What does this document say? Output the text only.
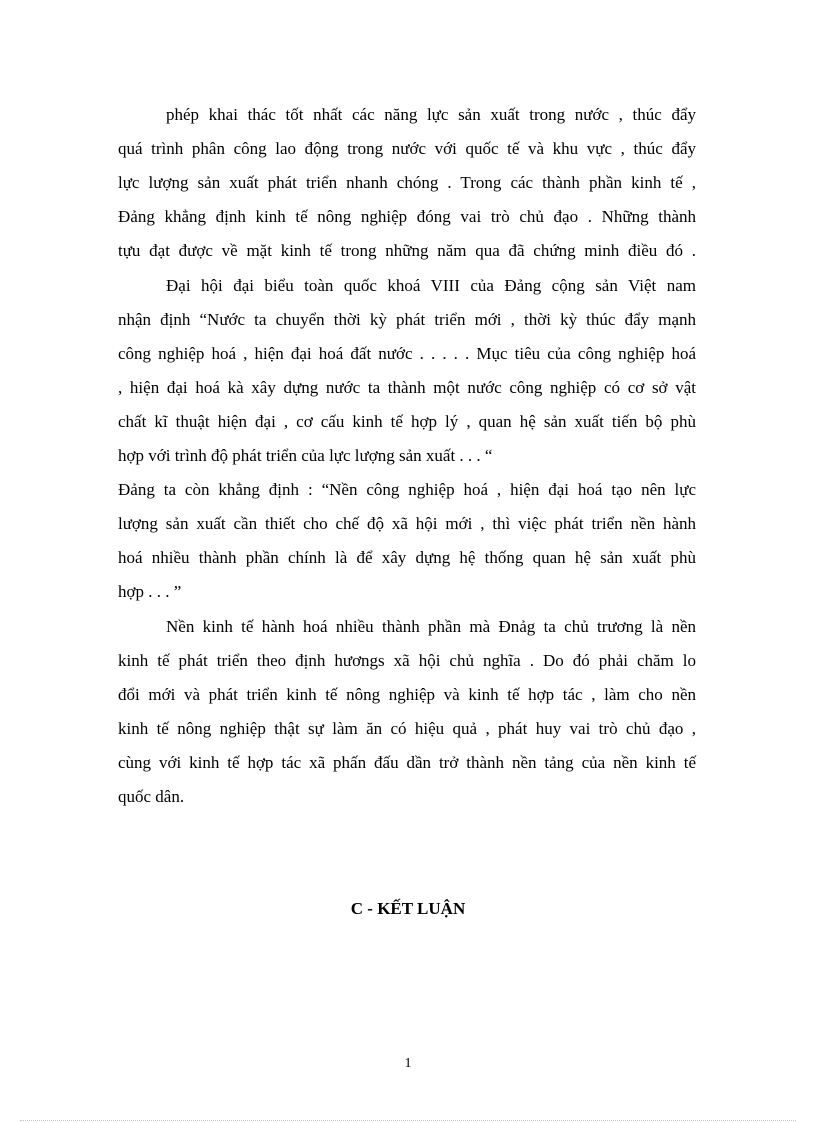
phép khai thác tốt nhất các năng lực sản xuất trong nước , thúc đẩy

quá trình phân công lao động trong nước với quốc tế và khu vực , thúc đẩy

lực lượng sản xuất phát triển nhanh chóng . Trong các thành phần kinh tế ,

Đảng khẳng định kinh tế nông nghiệp đóng vai trò chủ đạo . Những thành

tựu đạt được về mặt kinh tế trong những năm qua đã chứng minh điều đó .

Đại hội đại biểu toàn quốc khoá VIII của Đảng cộng sản Việt nam

nhận định “Nước ta chuyển thời kỳ phát triển mới , thời kỳ thúc đẩy mạnh

công nghiệp hoá , hiện đại hoá đất nước . . . . . Mục tiêu của công nghiệp hoá

, hiện đại hoá kà xây dựng nước ta thành một nước công nghiệp có cơ sở vật

chất kĩ thuật hiện đại , cơ cấu kinh tế hợp lý , quan hệ sản xuất tiến bộ phù

hợp với trình độ phát triển của lực lượng sản xuất . . . “

Đảng ta còn khẳng định : “Nền công nghiệp hoá , hiện đại hoá tạo nên lực

lượng sản xuất cần thiết cho chế độ xã hội mới , thì việc phát triển nền hành

hoá nhiều thành phần chính là để xây dựng hệ thống quan hệ sản xuất phù

hợp . . . ”

Nền kinh tế hành hoá nhiều thành phần mà Đnảg ta chủ trương là nền

kinh tế phát triển theo định hươngs xã hội chủ nghĩa . Do đó phải chăm lo

đổi mới và phát triển kinh tế nông nghiệp và kinh tế hợp tác , làm cho nền

kinh tế nông nghiệp thật sự làm ăn có hiệu quả , phát huy vai trò chủ đạo ,

cùng với kinh tế hợp tác xã phấn đấu dần trở thành nền tảng của nền kinh tế

quốc dân.

C - KẾT LUẬN
1
